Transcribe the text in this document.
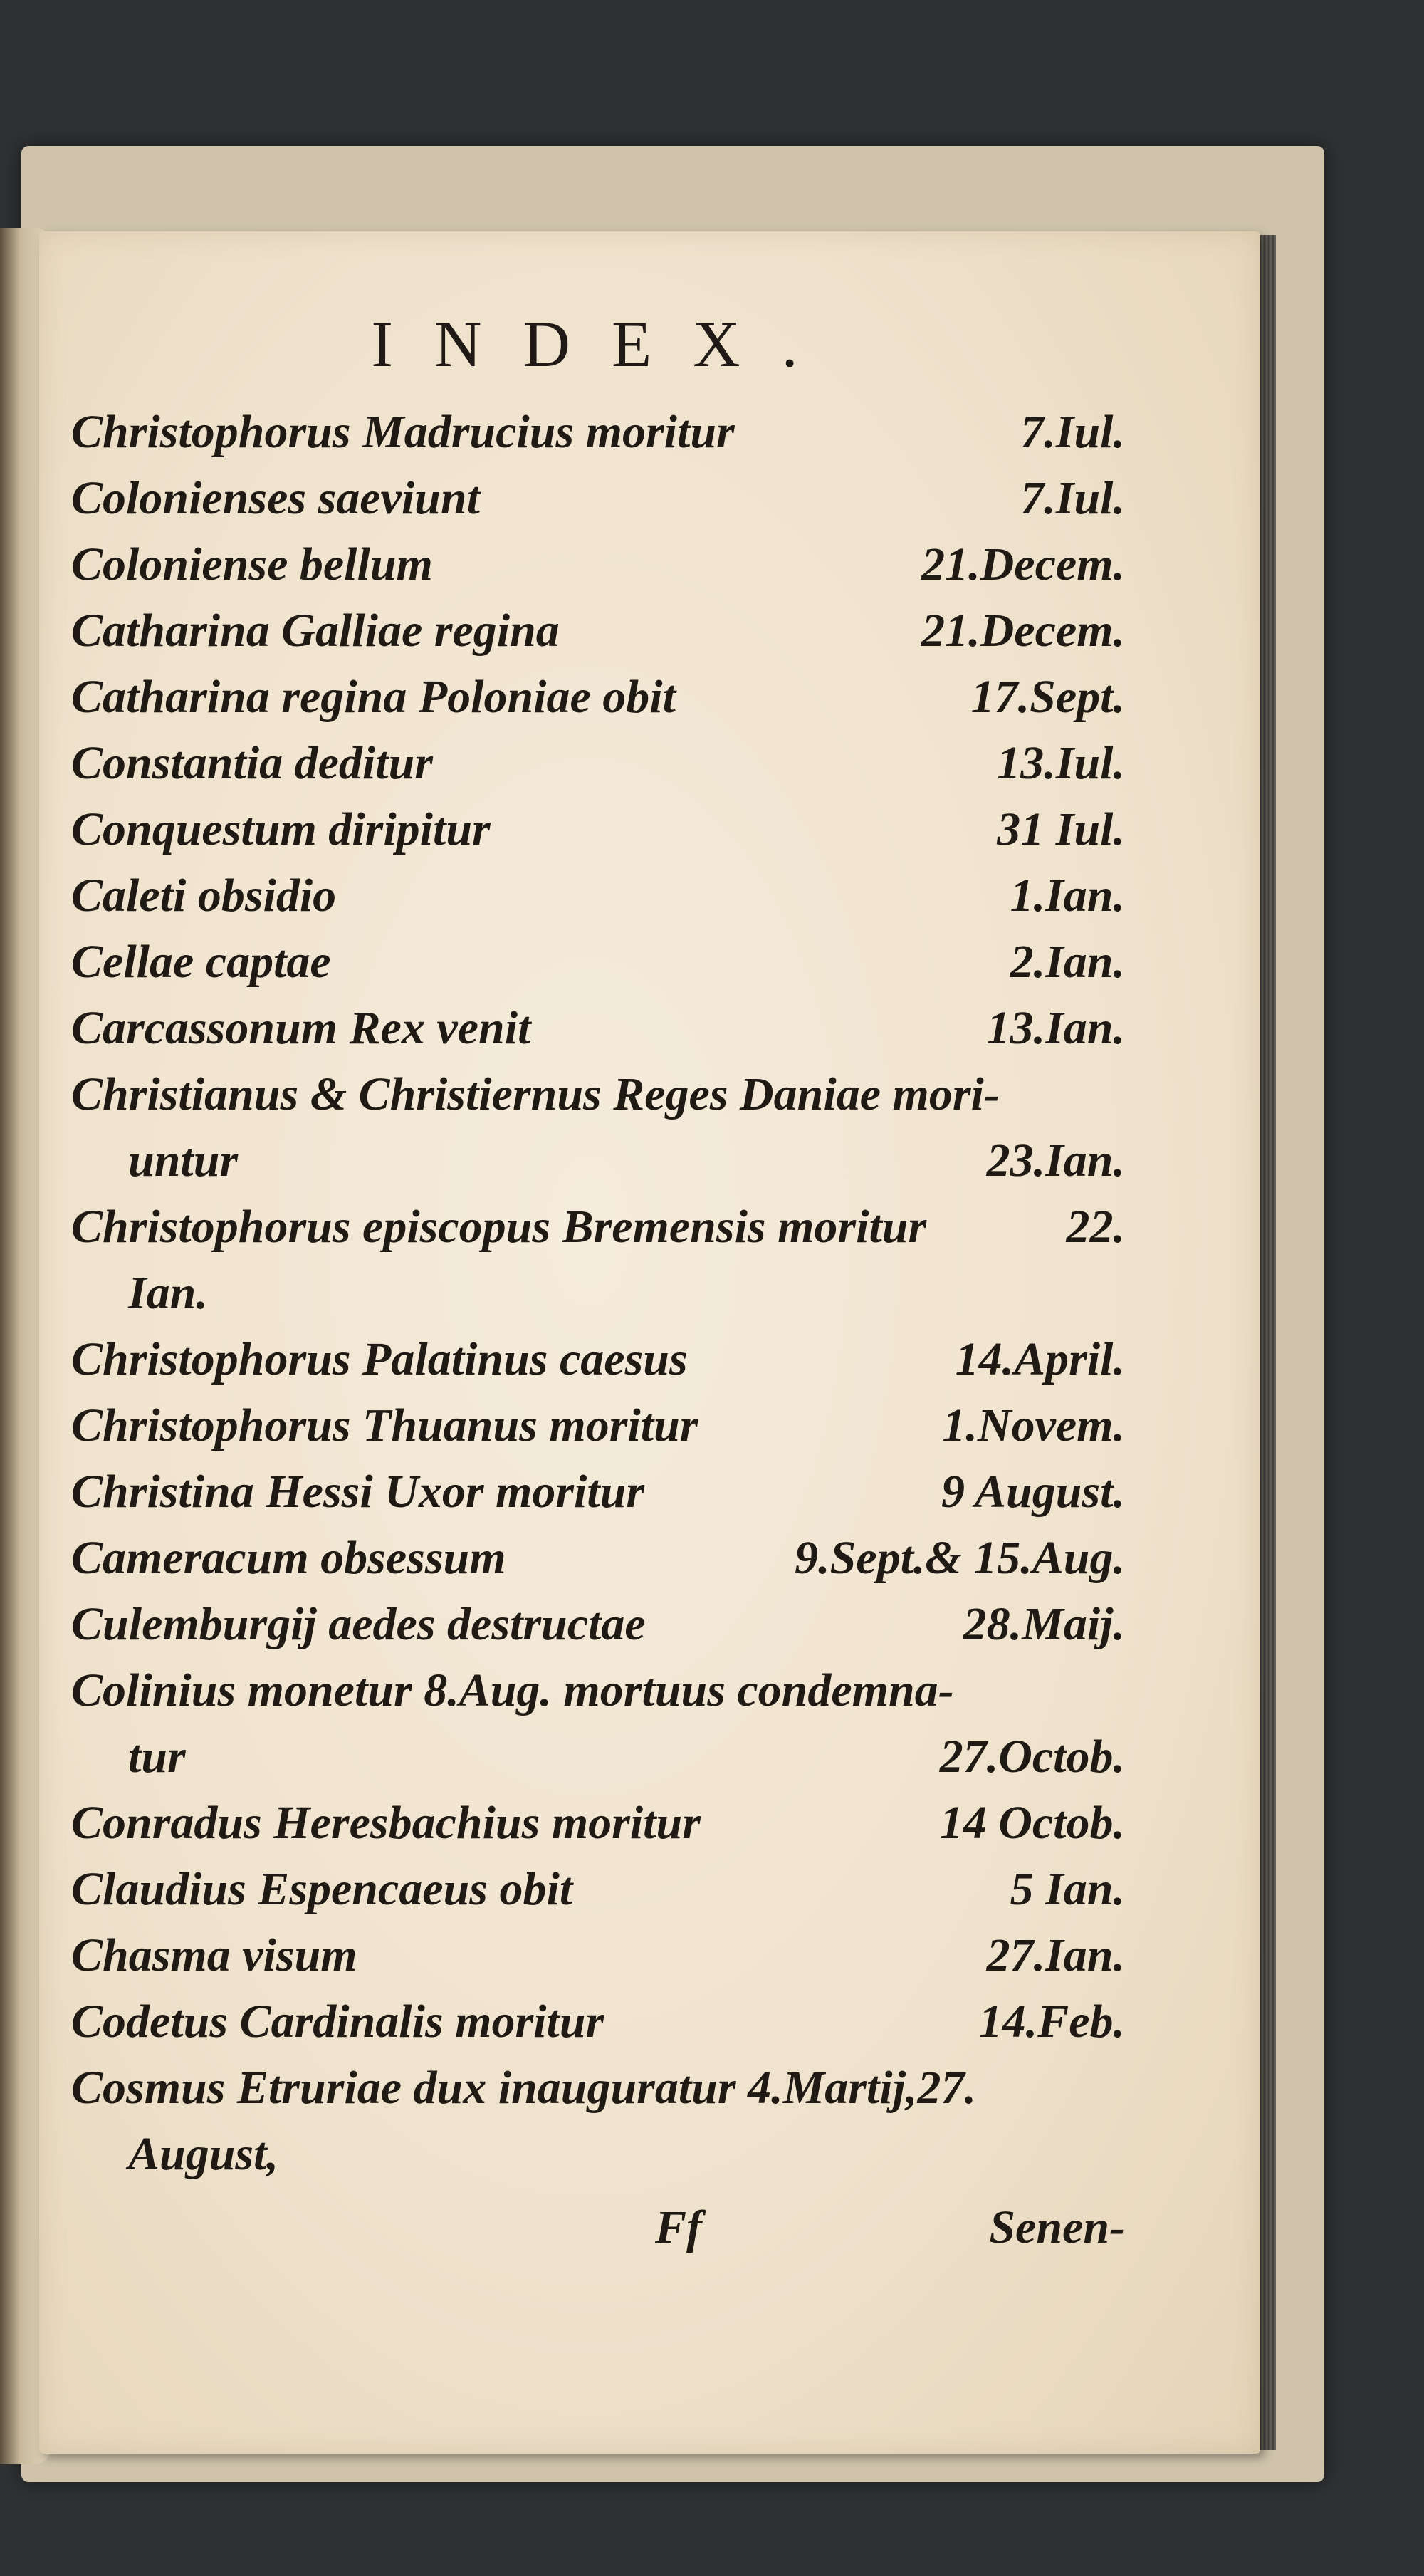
INDEX.
Christophorus Madrucius moritur	7.Iul.
Colonienses saeviunt	7.Iul.
Coloniense bellum	21.Decem.
Catharina Galliae regina	21.Decem.
Catharina regina Poloniae obit	17.Sept.
Constantia deditur	13.Iul.
Conquestum diripitur	31 Iul.
Caleti obsidio	1.Ian.
Cellae captae	2.Ian.
Carcassonum Rex venit	13.Ian.
Christianus & Christiernus Reges Daniae mori-
untur	23.Ian.
Christophorus episcopus Bremensis moritur	22.
Ian.
Christophorus Palatinus caesus	14.April.
Christophorus Thuanus moritur	1.Novem.
Christina Hessi Uxor moritur	9 August.
Cameracum obsessum	9.Sept.& 15.Aug.
Culemburgij aedes destructae	28.Maij.
Colinius monetur 8.Aug. mortuus condemna-
tur	27.Octob.
Conradus Heresbachius moritur	14 Octob.
Claudius Espencaeus obit	5 Ian.
Chasma visum	27.Ian.
Codetus Cardinalis moritur	14.Feb.
Cosmus Etruriae dux inauguratur 4.Martij,27.
August,
Ff	Senen-
